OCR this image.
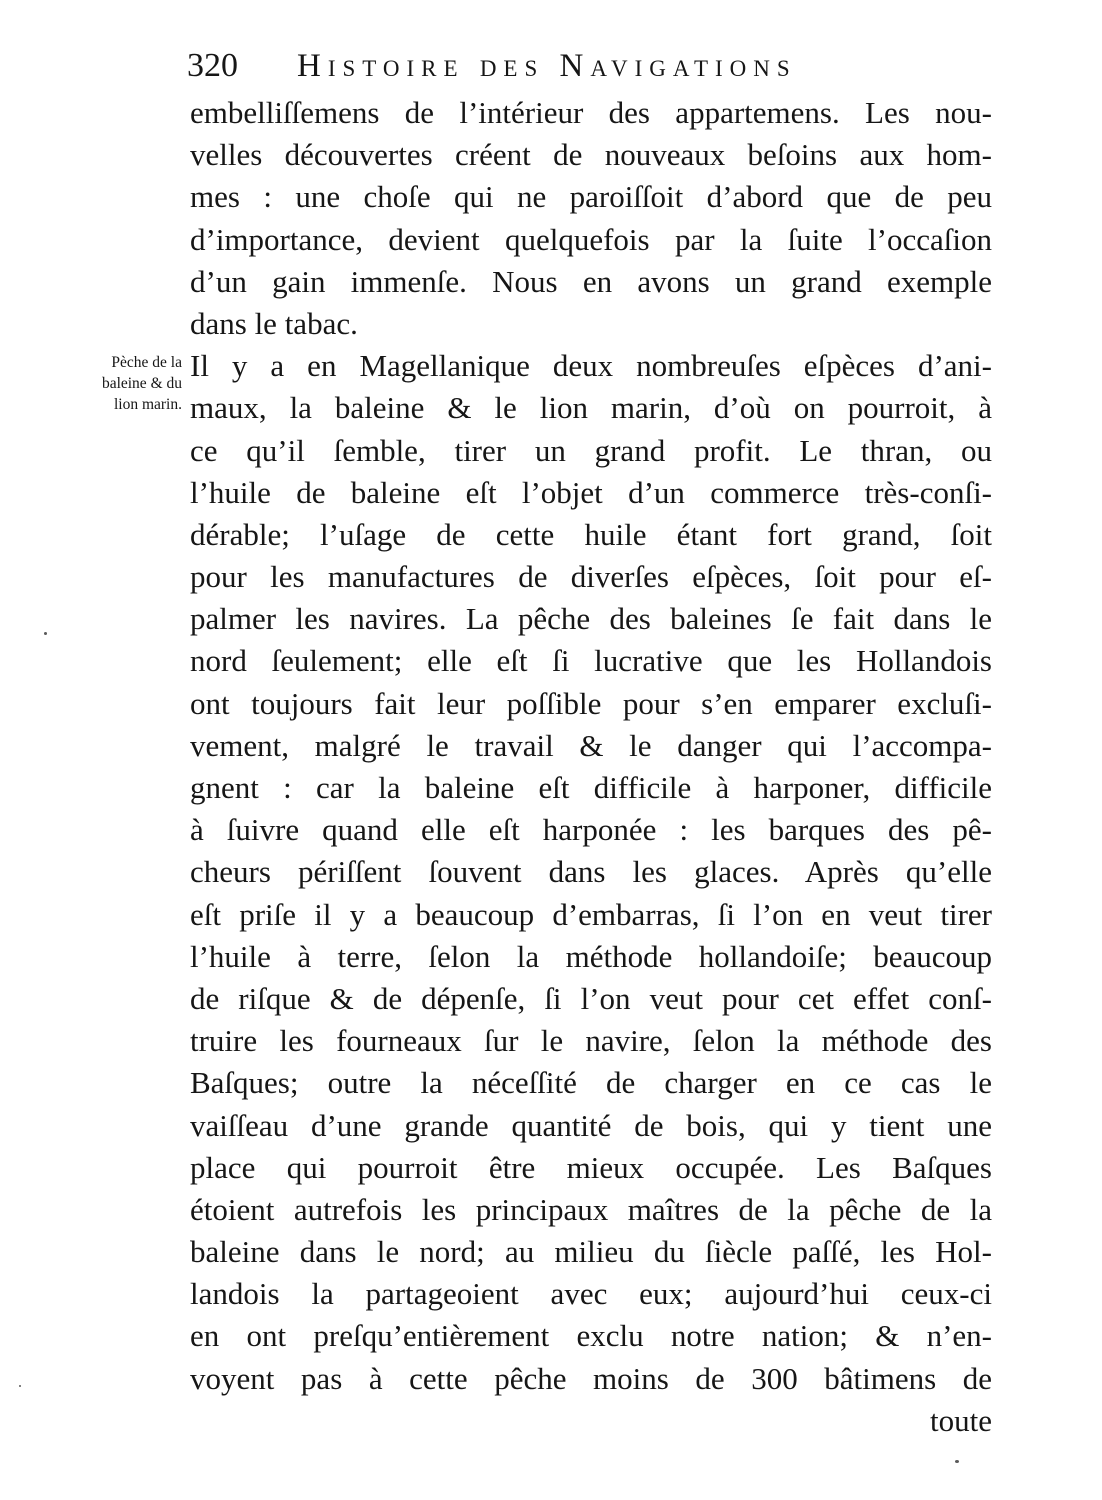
320 Histoire des Navigations
Pèche de la
baleine & du
lion marin.
embelliſſemens de l’intérieur des appartemens. Les nou-
velles découvertes créent de nouveaux beſoins aux hom-
mes : une choſe qui ne paroiſſoit d’abord que de peu
d’importance, devient quelquefois par la ſuite l’occaſion
d’un gain immenſe. Nous en avons un grand exemple
dans le tabac.
Il y a en Magellanique deux nombreuſes eſpèces d’ani-
maux, la baleine & le lion marin, d’où on pourroit, à
ce qu’il ſemble, tirer un grand profit. Le thran, ou
l’huile de baleine eſt l’objet d’un commerce très-conſi-
dérable; l’uſage de cette huile étant fort grand, ſoit
pour les manufactures de diverſes eſpèces, ſoit pour eſ-
palmer les navires. La pêche des baleines ſe fait dans le
nord ſeulement; elle eſt ſi lucrative que les Hollandois
ont toujours fait leur poſſible pour s’en emparer excluſi-
vement, malgré le travail & le danger qui l’accompa-
gnent : car la baleine eſt difficile à harponer, difficile
à ſuivre quand elle eſt harponée : les barques des pê-
cheurs périſſent ſouvent dans les glaces. Après qu’elle
eſt priſe il y a beaucoup d’embarras, ſi l’on en veut tirer
l’huile à terre, ſelon la méthode hollandoiſe; beaucoup
de riſque & de dépenſe, ſi l’on veut pour cet effet conſ-
truire les fourneaux ſur le navire, ſelon la méthode des
Baſques; outre la néceſſité de charger en ce cas le
vaiſſeau d’une grande quantité de bois, qui y tient une
place qui pourroit être mieux occupée. Les Baſques
étoient autrefois les principaux maîtres de la pêche de la
baleine dans le nord; au milieu du ſiècle paſſé, les Hol-
landois la partageoient avec eux; aujourd’hui ceux-ci
en ont preſqu’entièrement exclu notre nation; & n’en-
voyent pas à cette pêche moins de 300 bâtimens de
toute
